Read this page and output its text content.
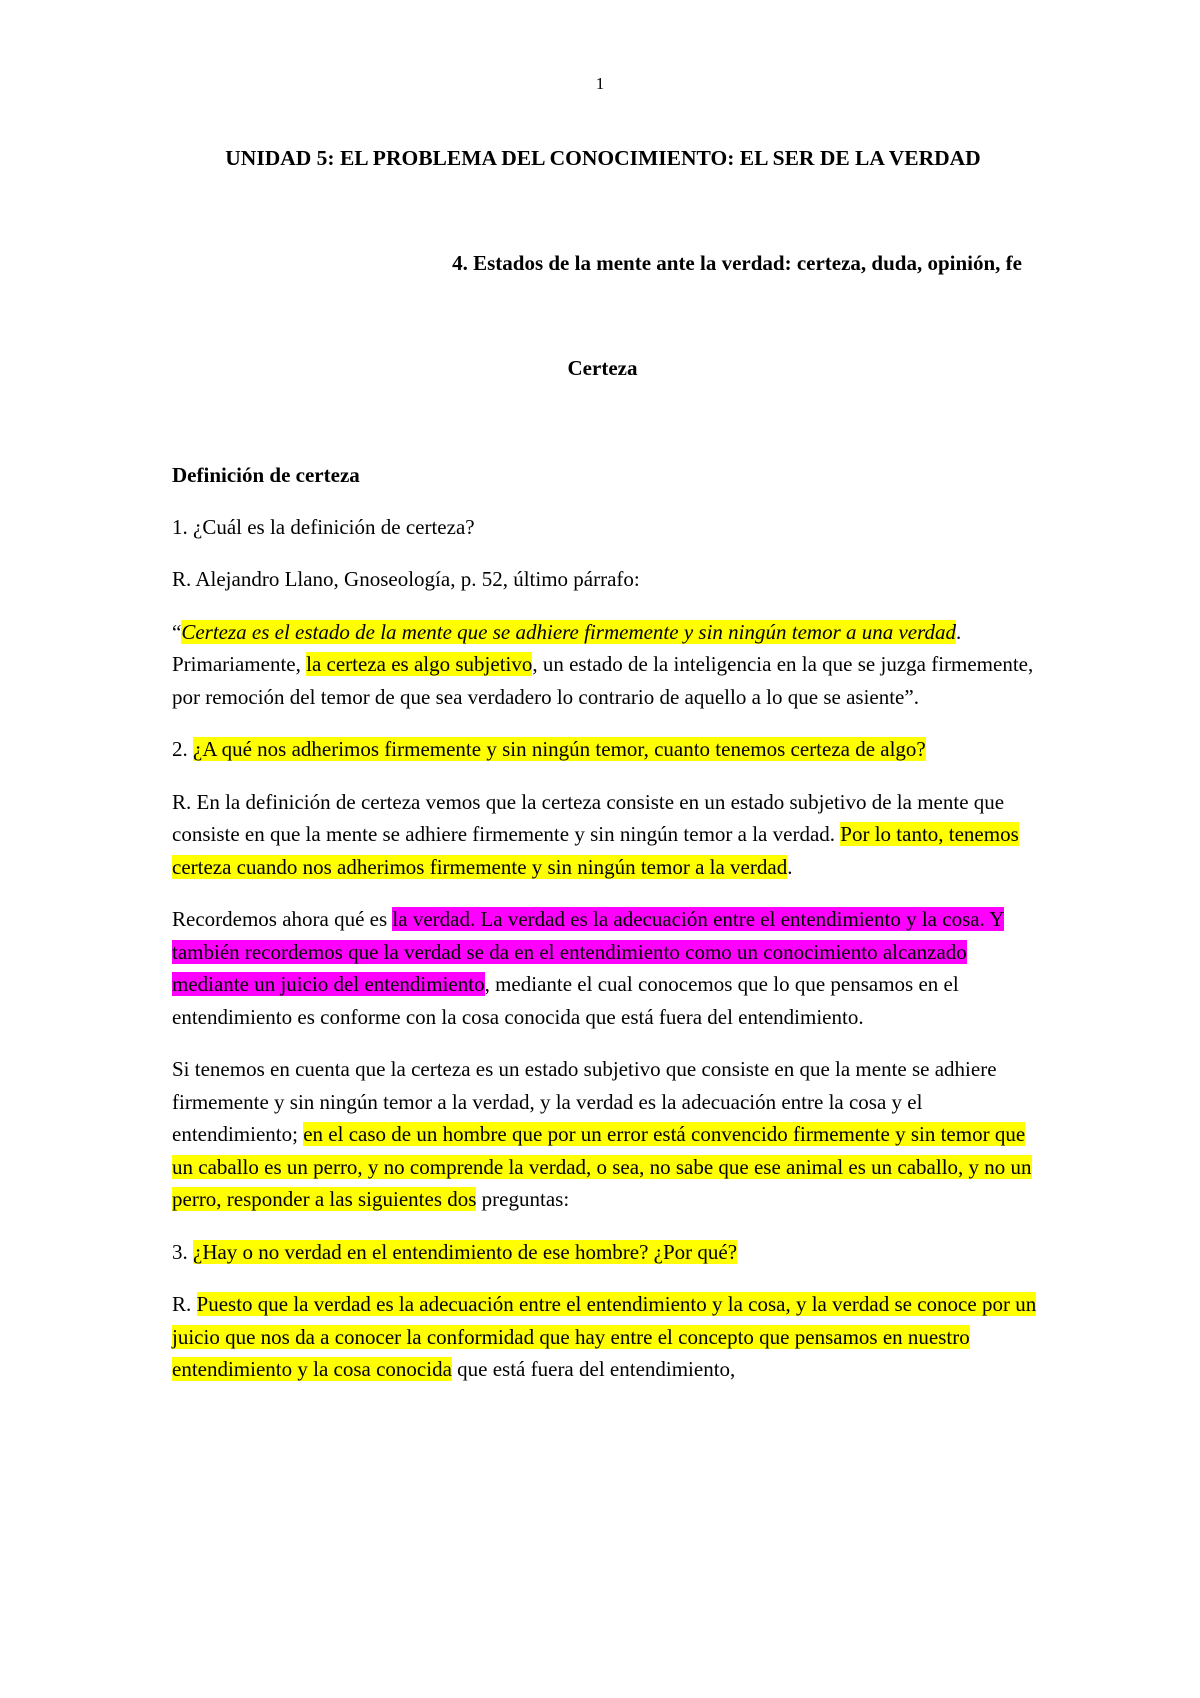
1
UNIDAD 5: EL PROBLEMA DEL CONOCIMIENTO: EL SER DE LA VERDAD
4. Estados de la mente ante la verdad: certeza, duda, opinión, fe
Certeza

Definición de certeza

1. ¿Cuál es la definición de certeza?

R. Alejandro Llano, Gnoseología, p. 52, último párrafo:

“Certeza es el estado de la mente que se adhiere firmemente y sin ningún temor a una verdad. Primariamente, la certeza es algo subjetivo, un estado de la inteligencia en la que se juzga firmemente, por remoción del temor de que sea verdadero lo contrario de aquello a lo que se asiente”.

2. ¿A qué nos adherimos firmemente y sin ningún temor, cuanto tenemos certeza de algo?

R. En la definición de certeza vemos que la certeza consiste en un estado subjetivo de la mente que consiste en que la mente se adhiere firmemente y sin ningún temor a la verdad. Por lo tanto, tenemos certeza cuando nos adherimos firmemente y sin ningún temor a la verdad.

Recordemos ahora qué es la verdad. La verdad es la adecuación entre el entendimiento y la cosa. Y también recordemos que la verdad se da en el entendimiento como un conocimiento alcanzado mediante un juicio del entendimiento, mediante el cual conocemos que lo que pensamos en el entendimiento es conforme con la cosa conocida que está fuera del entendimiento.

Si tenemos en cuenta que la certeza es un estado subjetivo que consiste en que la mente se adhiere firmemente y sin ningún temor a la verdad, y la verdad es la adecuación entre la cosa y el entendimiento; en el caso de un hombre que por un error está convencido firmemente y sin temor que un caballo es un perro, y no comprende la verdad, o sea, no sabe que ese animal es un caballo, y no un perro, responder a las siguientes dos preguntas:

3. ¿Hay o no verdad en el entendimiento de ese hombre? ¿Por qué?

R. Puesto que la verdad es la adecuación entre el entendimiento y la cosa, y la verdad se conoce por un juicio que nos da a conocer la conformidad que hay entre el concepto que pensamos en nuestro entendimiento y la cosa conocida que está fuera del entendimiento,
